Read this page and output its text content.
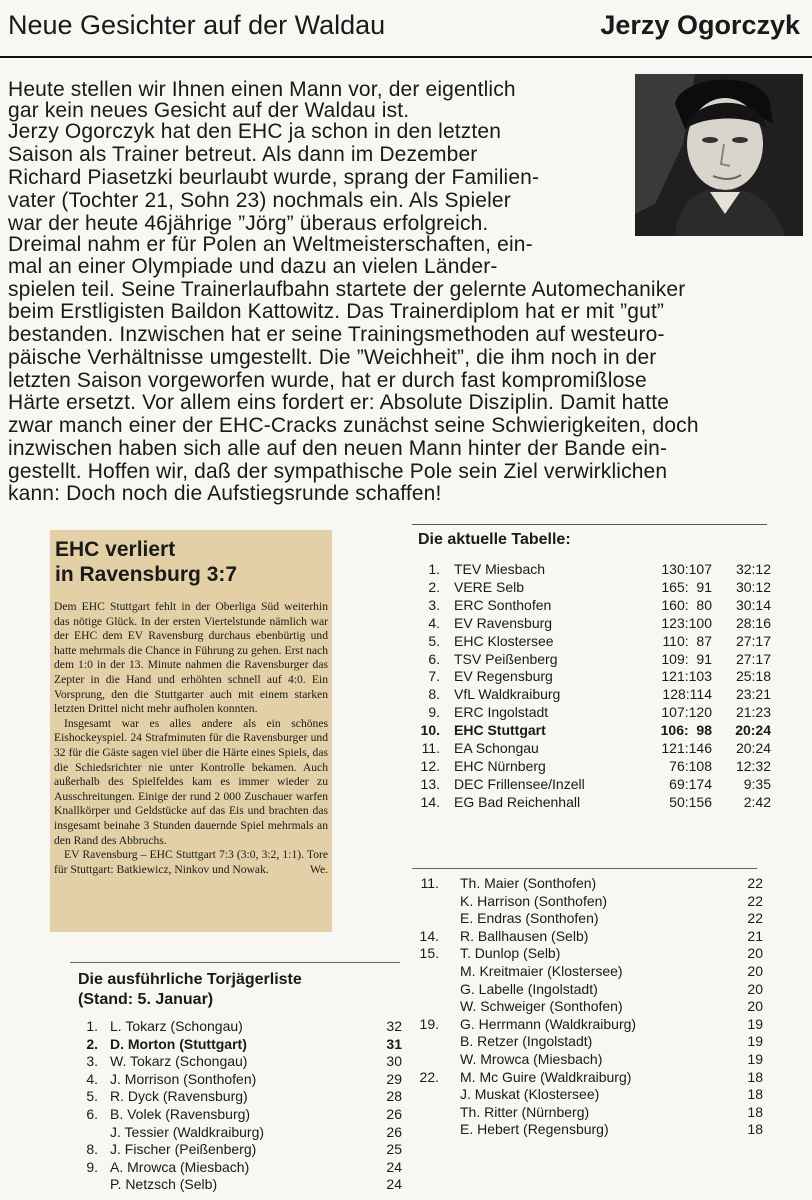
Neue Gesichter auf der Waldau	Jerzy Ogorczyk
Heute stellen wir Ihnen einen Mann vor, der eigentlich
gar kein neues Gesicht auf der Waldau ist.
Jerzy Ogorczyk hat den EHC ja schon in den letzten
Saison als Trainer betreut. Als dann im Dezember
Richard Piasetzki beurlaubt wurde, sprang der Familien-
vater (Tochter 21, Sohn 23) nochmals ein. Als Spieler
war der heute 46jährige ”Jörg” überaus erfolgreich.
Dreimal nahm er für Polen an Weltmeisterschaften, ein-
mal an einer Olympiade und dazu an vielen Länder-
spielen teil. Seine Trainerlaufbahn startete der gelernte Automechaniker
beim Erstligisten Baildon Kattowitz. Das Trainerdiplom hat er mit ”gut”
bestanden. Inzwischen hat er seine Trainingsmethoden auf westeuro-
päische Verhältnisse umgestellt. Die ”Weichheit”, die ihm noch in der
letzten Saison vorgeworfen wurde, hat er durch fast kompromißlose
Härte ersetzt. Vor allem eins fordert er: Absolute Disziplin. Damit hatte
zwar manch einer der EHC-Cracks zunächst seine Schwierigkeiten, doch
inzwischen haben sich alle auf den neuen Mann hinter der Bande ein-
gestellt. Hoffen wir, daß der sympathische Pole sein Ziel verwirklichen
kann: Doch noch die Aufstiegsrunde schaffen!
EHC verliert
in Ravensburg 3:7

Dem EHC Stuttgart fehlt in der Oberliga Süd weiterhin das nötige Glück. In der ersten Viertelstunde nämlich war der EHC dem EV Ravensburg durchaus ebenbürtig und hatte mehrmals die Chance in Führung zu gehen. Erst nach dem 1:0 in der 13. Minute nahmen die Ravensburger das Zepter in die Hand und erhöhten schnell auf 4:0. Ein Vorsprung, den die Stuttgarter auch mit einem starken letzten Drittel nicht mehr aufholen konnten.

Insgesamt war es alles andere als ein schönes Eishockeyspiel. 24 Strafminuten für die Ravensburger und 32 für die Gäste sagen viel über die Härte eines Spiels, das die Schiedsrichter nie unter Kontrolle bekamen. Auch außerhalb des Spielfeldes kam es immer wieder zu Ausschreitungen. Einige der rund 2 000 Zuschauer warfen Knallkörper und Geldstücke auf das Eis und brachten das insgesamt beinahe 3 Stunden dauernde Spiel mehrmals an den Rand des Abbruchs.

EV Ravensburg – EHC Stuttgart 7:3 (3:0, 3:2, 1:1). Tore für Stuttgart: Batkiewicz, Ninkov und Nowak.	We.

Die aktuelle Tabelle:
1. TEV Miesbach	130:107	32:12
2. VERE Selb	165:  91	30:12
3. ERC Sonthofen	160:  80	30:14
4. EV Ravensburg	123:100	28:16
5. EHC Klostersee	110:  87	27:17
6. TSV Peißenberg	109:  91	27:17
7. EV Regensburg	121:103	25:18
8. VfL Waldkraiburg	128:114	23:21
9. ERC Ingolstadt	107:120	21:23
10. EHC Stuttgart	106:  98	20:24
11. EA Schongau	121:146	20:24
12. EHC Nürnberg	76:108	12:32
13. DEC Frillensee/Inzell	69:174	9:35
14. EG Bad Reichenhall	50:156	2:42
Die ausführliche Torjägerliste
(Stand: 5. Januar)
1. L. Tokarz (Schongau)	32
2. D. Morton (Stuttgart)	31
3. W. Tokarz (Schongau)	30
4. J. Morrison (Sonthofen)	29
5. R. Dyck (Ravensburg)	28
6. B. Volek (Ravensburg)	26
J. Tessier (Waldkraiburg)	26
8. J. Fischer (Peißenberg)	25
9. A. Mrowca (Miesbach)	24
P. Netzsch (Selb)	24
11. Th. Maier (Sonthofen)	22
K. Harrison (Sonthofen)	22
E. Endras (Sonthofen)	22
14. R. Ballhausen (Selb)	21
15. T. Dunlop (Selb)	20
M. Kreitmaier (Klostersee)	20
G. Labelle (Ingolstadt)	20
W. Schweiger (Sonthofen)	20
19. G. Herrmann (Waldkraiburg)	19
B. Retzer (Ingolstadt)	19
W. Mrowca (Miesbach)	19
22. M. Mc Guire (Waldkraiburg)	18
J. Muskat (Klostersee)	18
Th. Ritter (Nürnberg)	18
E. Hebert (Regensburg)	18
